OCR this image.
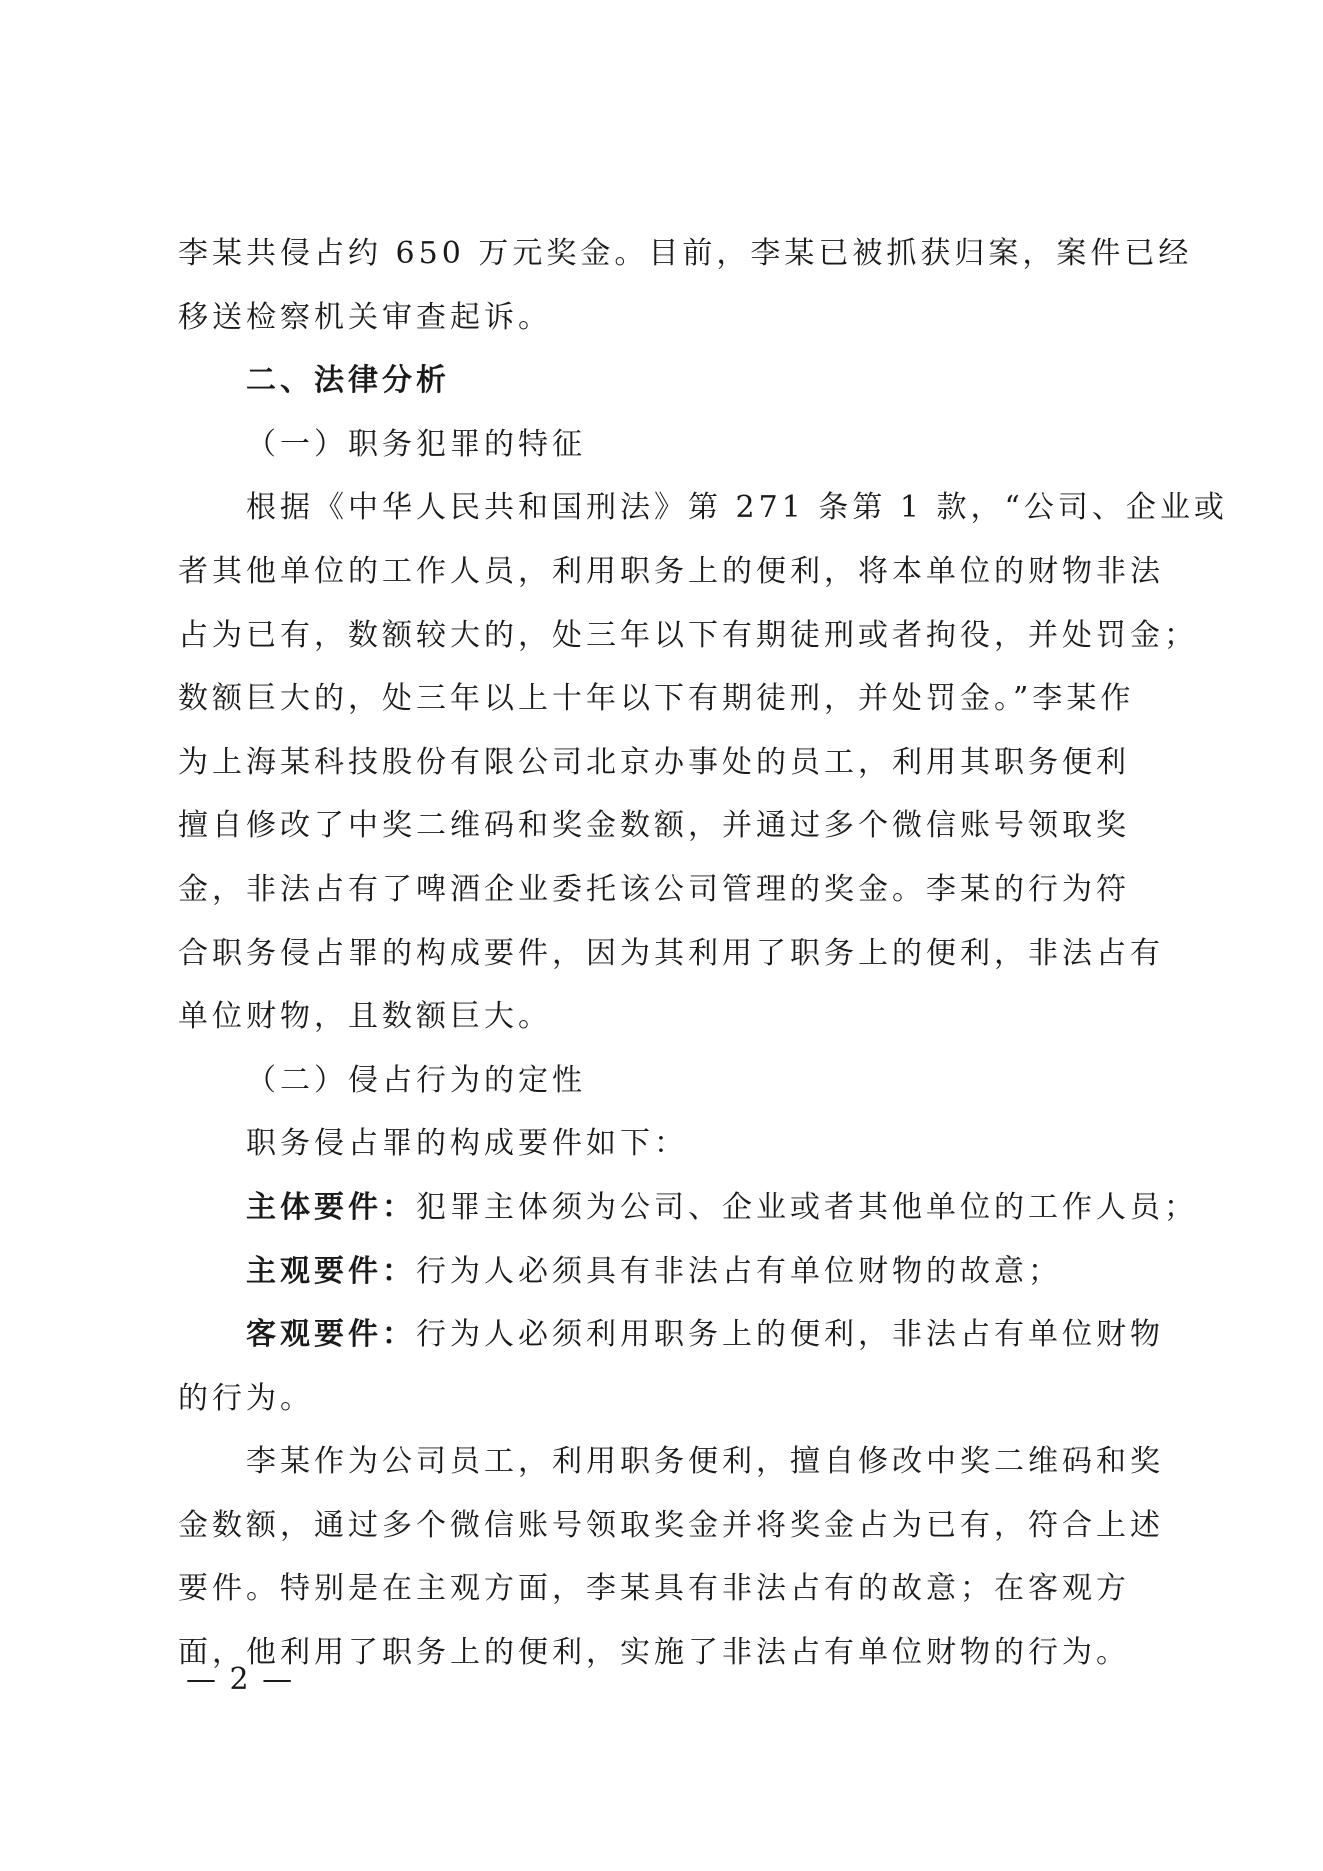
李某共侵占约 650 万元奖金。目前，李某已被抓获归案，案件已经
移送检察机关审查起诉。
二、法律分析
（一）职务犯罪的特征
根据《中华人民共和国刑法》第 271 条第 1 款，“公司、企业或
者其他单位的工作人员，利用职务上的便利，将本单位的财物非法
占为已有，数额较大的，处三年以下有期徒刑或者拘役，并处罚金；
数额巨大的，处三年以上十年以下有期徒刑，并处罚金。”李某作
为上海某科技股份有限公司北京办事处的员工，利用其职务便利
擅自修改了中奖二维码和奖金数额，并通过多个微信账号领取奖
金，非法占有了啤酒企业委托该公司管理的奖金。李某的行为符
合职务侵占罪的构成要件，因为其利用了职务上的便利，非法占有
单位财物，且数额巨大。
（二）侵占行为的定性
职务侵占罪的构成要件如下：
主体要件：犯罪主体须为公司、企业或者其他单位的工作人员；
主观要件：行为人必须具有非法占有单位财物的故意；
客观要件：行为人必须利用职务上的便利，非法占有单位财物
的行为。
李某作为公司员工，利用职务便利，擅自修改中奖二维码和奖
金数额，通过多个微信账号领取奖金并将奖金占为已有，符合上述
要件。特别是在主观方面，李某具有非法占有的故意；在客观方
面，他利用了职务上的便利，实施了非法占有单位财物的行为。
— 2 —
